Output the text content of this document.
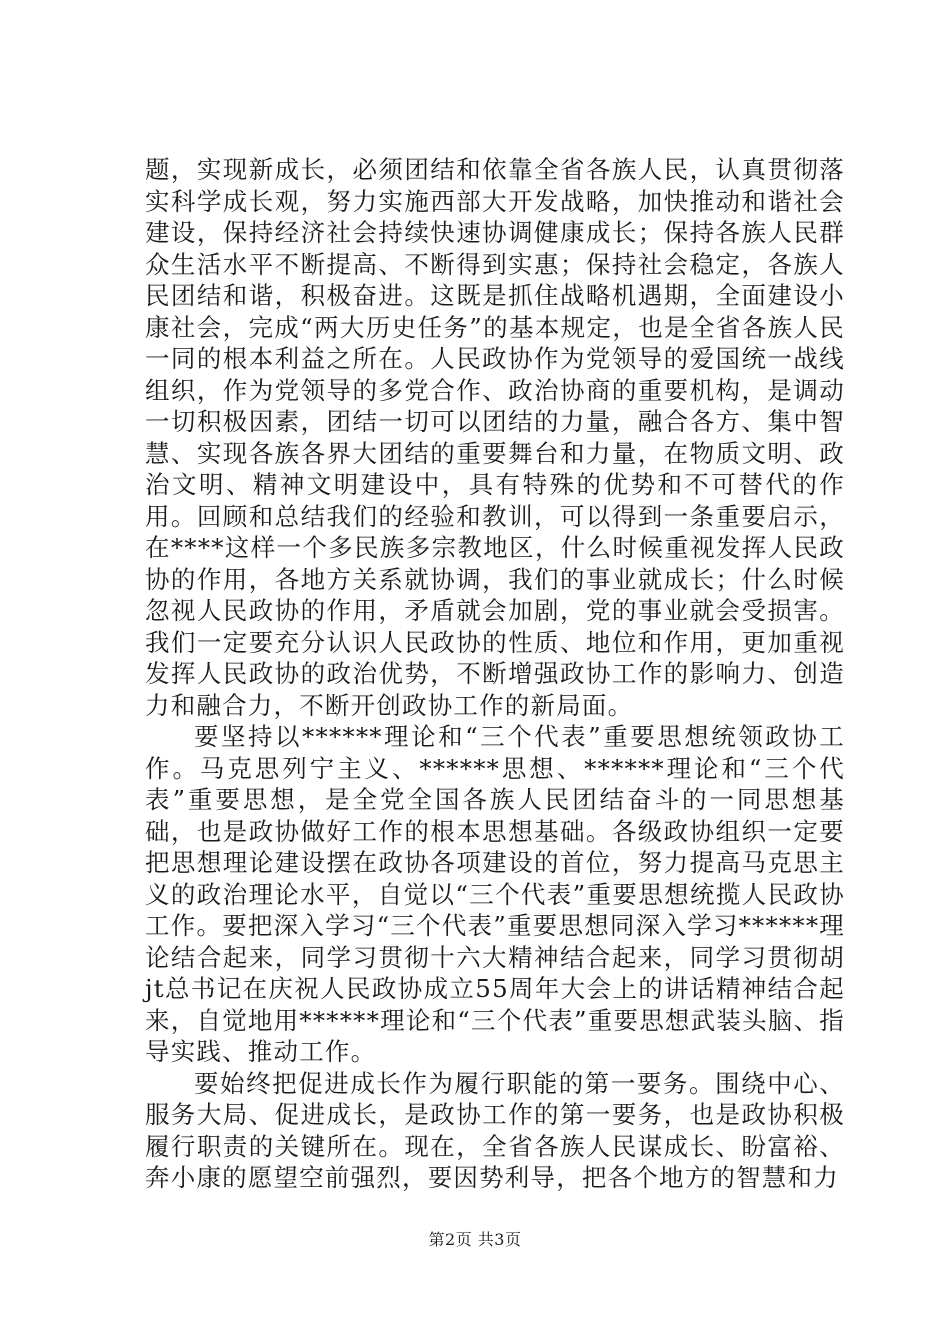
题，实现新成长，必须团结和依靠全省各族人民，认真贯彻落实科学成长观，努力实施西部大开发战略，加快推动和谐社会建设，保持经济社会持续快速协调健康成长；保持各族人民群众生活水平不断提高、不断得到实惠；保持社会稳定，各族人民团结和谐，积极奋进。这既是抓住战略机遇期，全面建设小康社会，完成“两大历史任务”的基本规定，也是全省各族人民一同的根本利益之所在。人民政协作为党领导的爱国统一战线组织，作为党领导的多党合作、政治协商的重要机构，是调动一切积极因素，团结一切可以团结的力量，融合各方、集中智慧、实现各族各界大团结的重要舞台和力量，在物质文明、政治文明、精神文明建设中，具有特殊的优势和不可替代的作用。回顾和总结我们的经验和教训，可以得到一条重要启示，在****这样一个多民族多宗教地区，什么时候重视发挥人民政协的作用，各地方关系就协调，我们的事业就成长；什么时候忽视人民政协的作用，矛盾就会加剧，党的事业就会受损害。我们一定要充分认识人民政协的性质、地位和作用，更加重视发挥人民政协的政治优势，不断增强政协工作的影响力、创造力和融合力，不断开创政协工作的新局面。

要坚持以******理论和“三个代表”重要思想统领政协工作。马克思列宁主义、******思想、******理论和“三个代表”重要思想，是全党全国各族人民团结奋斗的一同思想基础，也是政协做好工作的根本思想基础。各级政协组织一定要把思想理论建设摆在政协各项建设的首位，努力提高马克思主义的政治理论水平，自觉以“三个代表”重要思想统揽人民政协工作。要把深入学习“三个代表”重要思想同深入学习******理论结合起来，同学习贯彻十六大精神结合起来，同学习贯彻胡jt总书记在庆祝人民政协成立55周年大会上的讲话精神结合起来，自觉地用******理论和“三个代表”重要思想武装头脑、指导实践、推动工作。

要始终把促进成长作为履行职能的第一要务。围绕中心、服务大局、促进成长，是政协工作的第一要务，也是政协积极履行职责的关键所在。现在，全省各族人民谋成长、盼富裕、奔小康的愿望空前强烈，要因势利导，把各个地方的智慧和力

第2页 共3页
